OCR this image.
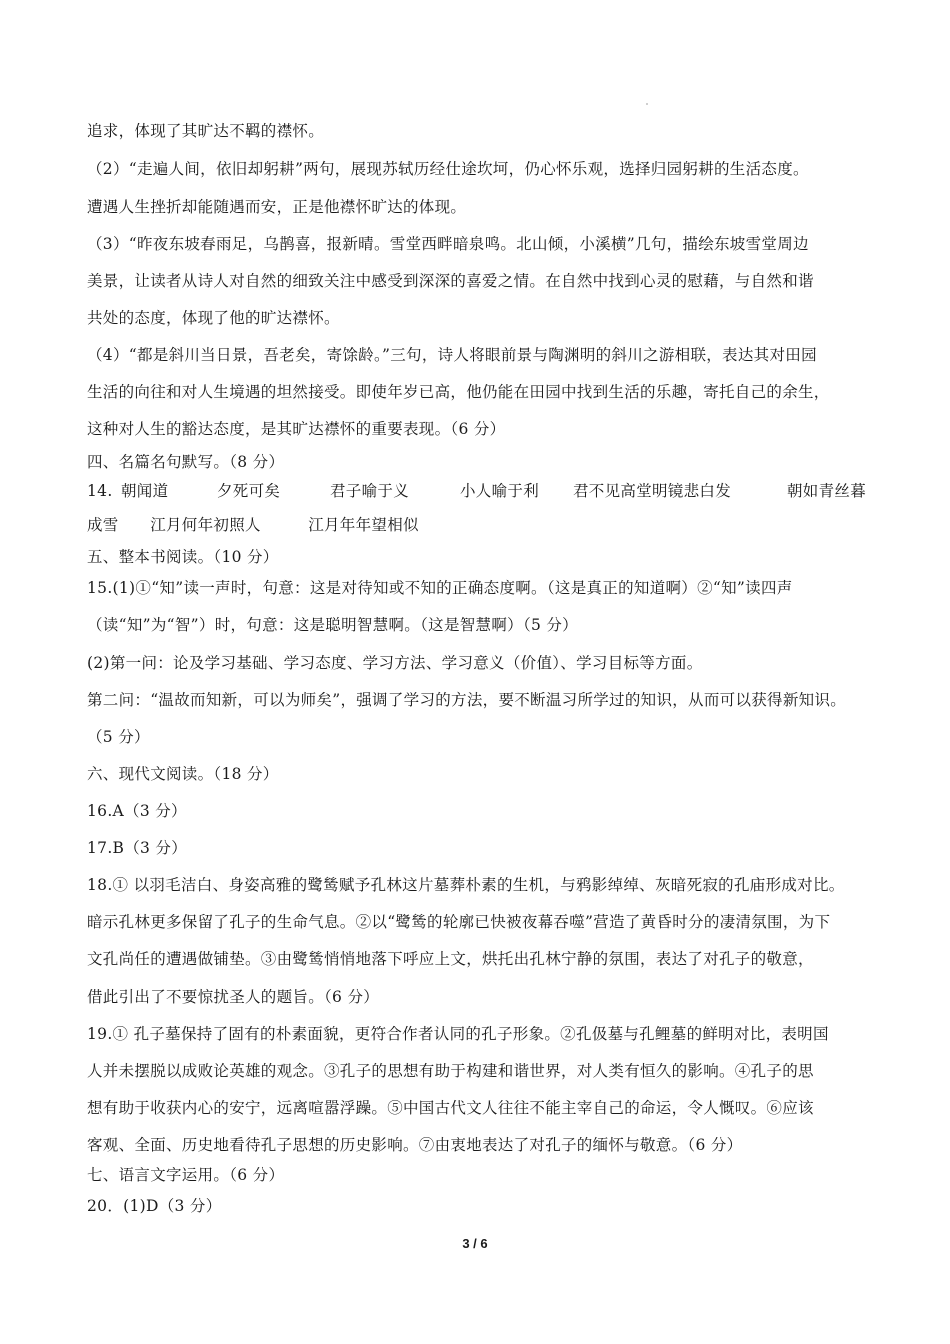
追求，体现了其旷达不羁的襟怀。
（2）“走遍人间，依旧却躬耕”两句，展现苏轼历经仕途坎坷，仍心怀乐观，选择归园躬耕的生活态度。
遭遇人生挫折却能随遇而安，正是他襟怀旷达的体现。
（3）“昨夜东坡春雨足，乌鹊喜，报新晴。雪堂西畔暗泉鸣。北山倾，小溪横”几句，描绘东坡雪堂周边
美景，让读者从诗人对自然的细致关注中感受到深深的喜爱之情。在自然中找到心灵的慰藉，与自然和谐
共处的态度，体现了他的旷达襟怀。
（4）“都是斜川当日景，吾老矣，寄馀龄。”三句，诗人将眼前景与陶渊明的斜川之游相联，表达其对田园
生活的向往和对人生境遇的坦然接受。即使年岁已高，他仍能在田园中找到生活的乐趣，寄托自己的余生，
这种对人生的豁达态度，是其旷达襟怀的重要表现。（6 分）
四、名篇名句默写。（8 分）
14. 朝闻道	夕死可矣	君子喻于义	小人喻于利 君不见高堂明镜悲白发	朝如青丝暮
成雪　　江月何年初照人　　　江月年年望相似
五、整本书阅读。（10 分）
15.(1)①“知”读一声时，句意：这是对待知或不知的正确态度啊。（这是真正的知道啊）②“知”读四声
（读“知”为“智”）时，句意：这是聪明智慧啊。（这是智慧啊）（5 分）
(2)第一问：论及学习基础、学习态度、学习方法、学习意义（价值）、学习目标等方面。
第二问：“温故而知新，可以为师矣”，强调了学习的方法，要不断温习所学过的知识，从而可以获得新知识。
（5 分）
六、现代文阅读。（18 分）
16.A（3 分）
17.B（3 分）
18.① 以羽毛洁白、身姿高雅的鹭鸶赋予孔林这片墓葬朴素的生机，与鸦影绰绰、灰暗死寂的孔庙形成对比。
暗示孔林更多保留了孔子的生命气息。②以“鹭鸶的轮廓已快被夜幕吞噬”营造了黄昏时分的凄清氛围，为下
文孔尚任的遭遇做铺垫。③由鹭鸶悄悄地落下呼应上文，烘托出孔林宁静的氛围，表达了对孔子的敬意，
借此引出了不要惊扰圣人的题旨。（6 分）
19.① 孔子墓保持了固有的朴素面貌，更符合作者认同的孔子形象。②孔伋墓与孔鲤墓的鲜明对比，表明国
人并未摆脱以成败论英雄的观念。③孔子的思想有助于构建和谐世界，对人类有恒久的影响。④孔子的思
想有助于收获内心的安宁，远离喧嚣浮躁。⑤中国古代文人往往不能主宰自己的命运，令人慨叹。⑥应该
客观、全面、历史地看待孔子思想的历史影响。⑦由衷地表达了对孔子的缅怀与敬意。（6 分）
七、语言文字运用。（6 分）
20．(1)D（3 分）
3 / 6
